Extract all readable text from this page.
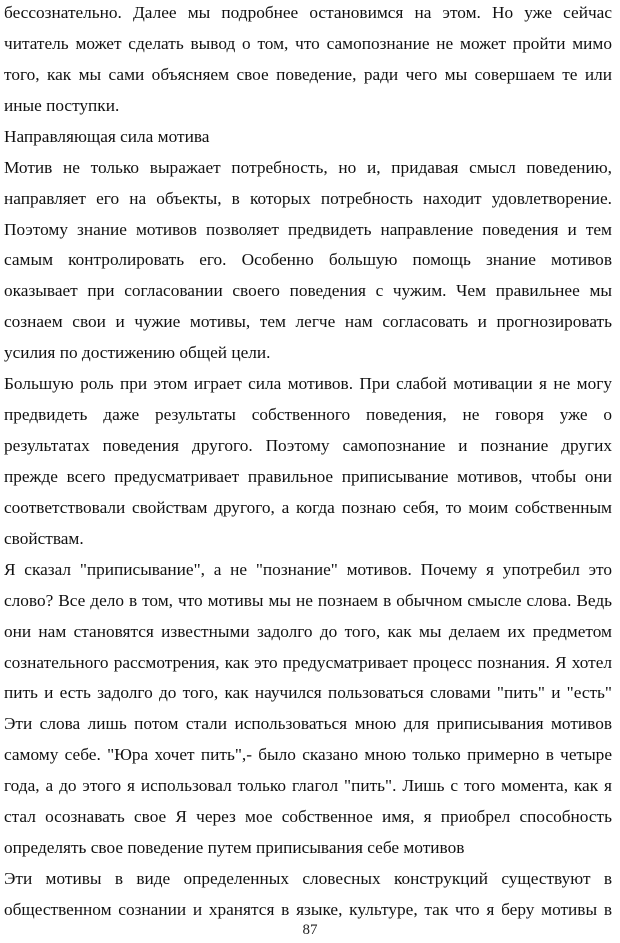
бессознательно. Далее мы подробнее остановимся на этом. Но уже сейчас
читатель может сделать вывод о том, что самопознание не может пройти мимо
того, как мы сами объясняем свое поведение, ради чего мы совершаем те или
иные поступки.
Направляющая сила мотива
Мотив не только выражает потребность, но и, придавая смысл поведению,
направляет его на объекты, в которых потребность находит удовлетворение.
Поэтому знание мотивов позволяет предвидеть направление поведения и тем
самым контролировать его. Особенно большую помощь знание мотивов
оказывает при согласовании своего поведения с чужим. Чем правильнее мы
сознаем свои и чужие мотивы, тем легче нам согласовать и прогнозировать
усилия по достижению общей цели.
Большую роль при этом играет сила мотивов. При слабой мотивации я не могу
предвидеть даже результаты собственного поведения, не говоря уже о
результатах поведения другого. Поэтому самопознание и познание других
прежде всего предусматривает правильное приписывание мотивов, чтобы они
соответствовали свойствам другого, а когда познаю себя, то моим собственным
свойствам.
Я сказал "приписывание", а не "познание" мотивов. Почему я употребил это
слово? Все дело в том, что мотивы мы не познаем в обычном смысле слова. Ведь
они нам становятся известными задолго до того, как мы делаем их предметом
сознательного рассмотрения, как это предусматривает процесс познания. Я хотел
пить и есть задолго до того, как научился пользоваться словами "пить" и "есть"
Эти слова лишь потом стали использоваться мною для приписывания мотивов
самому себе. "Юра хочет пить",- было сказано мною только примерно в четыре
года, а до этого я использовал только глагол "пить". Лишь с того момента, как я
стал осознавать свое Я через мое собственное имя, я приобрел способность
определять свое поведение путем приписывания себе мотивов
Эти мотивы в виде определенных словесных конструкций существуют в
общественном сознании и хранятся в языке, культуре, так что я беру мотивы в
87
